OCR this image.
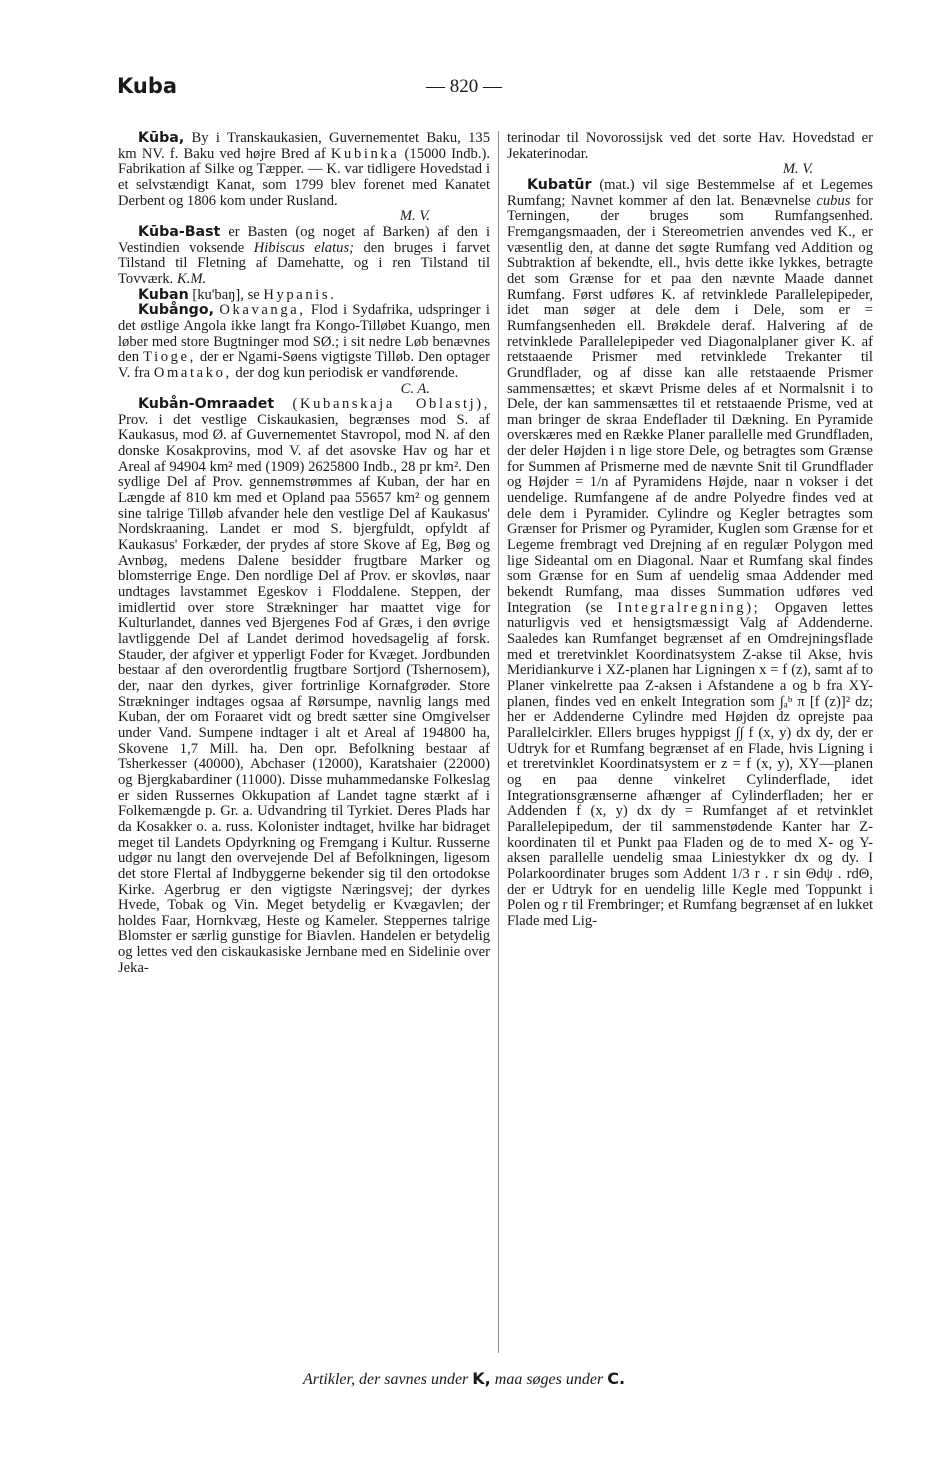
Kuba	— 820 —

Kūba, By i Transkaukasien, Guvernementet Baku, 135 km NV. f. Baku ved højre Bred af Kubinka (15000 Indb.). Fabrikation af Silke og Tæpper. — K. var tidligere Hovedstad i et selvstændigt Kanat, som 1799 blev forenet med Kanatet Derbent og 1806 kom under Rusland.
M. V.

Kūba-Bast er Basten (og noget af Barken) af den i Vestindien voksende Hibiscus elatus; den bruges i farvet Tilstand til Fletning af Damehatte, og i ren Tilstand til Tovværk. K.M.

Kuban [ku'baŋ], se Hypanis.

Kubångo, Okavanga, Flod i Sydafrika, udspringer i det østlige Angola ikke langt fra Kongo-Tilløbet Kuango, men løber med store Bugtninger mod SØ.; i sit nedre Løb benævnes den Tioge, der er Ngami-Søens vigtigste Tilløb. Den optager V. fra Omatako, der dog kun periodisk er vandførende.
C. A.

Kubån-Omraadet (Kubanskaja Oblastj), Prov. i det vestlige Ciskaukasien, begrænses mod S. af Kaukasus, mod Ø. af Guvernementet Stavropol, mod N. af den donske Kosakprovins, mod V. af det asovske Hav og har et Areal af 94904 km² med (1909) 2625800 Indb., 28 pr km². Den sydlige Del af Prov. gennemstrømmes af Kuban, der har en Længde af 810 km med et Opland paa 55657 km² og gennem sine talrige Tilløb afvander hele den vestlige Del af Kaukasus' Nordskraaning. Landet er mod S. bjergfuldt, opfyldt af Kaukasus' Forkæder, der prydes af store Skove af Eg, Bøg og Avnbøg, medens Dalene besidder frugtbare Marker og blomsterrige Enge. Den nordlige Del af Prov. er skovløs, naar undtages lavstammet Egeskov i Floddalene. Steppen, der imidlertid over store Strækninger har maattet vige for Kulturlandet, dannes ved Bjergenes Fod af Græs, i den øvrige lavtliggende Del af Landet derimod hovedsagelig af forsk. Stauder, der afgiver et ypperligt Foder for Kvæget. Jordbunden bestaar af den overordentlig frugtbare Sortjord (Tshernosem), der, naar den dyrkes, giver fortrinlige Kornafgrøder. Store Strækninger indtages ogsaa af Rørsumpe, navnlig langs med Kuban, der om Foraaret vidt og bredt sætter sine Omgivelser under Vand. Sumpene indtager i alt et Areal af 194800 ha, Skovene 1,7 Mill. ha. Den opr. Befolkning bestaar af Tsherkesser (40000), Abchaser (12000), Karatshaier (22000) og Bjergkabardiner (11000). Disse muhammedanske Folkeslag er siden Russernes Okkupation af Landet tagne stærkt af i Folkemængde p. Gr. a. Udvandring til Tyrkiet. Deres Plads har da Kosakker o. a. russ. Kolonister indtaget, hvilke har bidraget meget til Landets Opdyrkning og Fremgang i Kultur. Russerne udgør nu langt den overvejende Del af Befolkningen, ligesom det store Flertal af Indbyggerne bekender sig til den ortodokse Kirke. Agerbrug er den vigtigste Næringsvej; der dyrkes Hvede, Tobak og Vin. Meget betydelig er Kvægavlen; der holdes Faar, Hornkvæg, Heste og Kameler. Steppernes talrige Blomster er særlig gunstige for Biavlen. Handelen er betydelig og lettes ved den ciskaukasiske Jernbane med en Sidelinie over Jeka-

terinodar til Novorossijsk ved det sorte Hav. Hovedstad er Jekaterinodar.
M. V.

Kubatūr (mat.) vil sige Bestemmelse af et Legemes Rumfang; Navnet kommer af den lat. Benævnelse cubus for Terningen, der bruges som Rumfangsenhed. Fremgangsmaaden, der i Stereometrien anvendes ved K., er væsentlig den, at danne det søgte Rumfang ved Addition og Subtraktion af bekendte, ell., hvis dette ikke lykkes, betragte det som Grænse for et paa den nævnte Maade dannet Rumfang. Først udføres K. af retvinklede Parallelepipeder, idet man søger at dele dem i Dele, som er = Rumfangsenheden ell. Brøkdele deraf. Halvering af de retvinklede Parallelepipeder ved Diagonalplaner giver K. af retstaaende Prismer med retvinklede Trekanter til Grundflader, og af disse kan alle retstaaende Prismer sammensættes; et skævt Prisme deles af et Normalsnit i to Dele, der kan sammensættes til et retstaaende Prisme, ved at man bringer de skraa Endeflader til Dækning. En Pyramide overskæres med en Række Planer parallelle med Grundfladen, der deler Højden i n lige store Dele, og betragtes som Grænse for Summen af Prismerne med de nævnte Snit til Grundflader og Højder = 1/n af Pyramidens Højde, naar n vokser i det uendelige. Rumfangene af de andre Polyedre findes ved at dele dem i Pyramider. Cylindre og Kegler betragtes som Grænser for Prismer og Pyramider, Kuglen som Grænse for et Legeme frembragt ved Drejning af en regulær Polygon med lige Sideantal om en Diagonal. Naar et Rumfang skal findes som Grænse for en Sum af uendelig smaa Addender med bekendt Rumfang, maa disses Summation udføres ved Integration (se Integralregning); Opgaven lettes naturligvis ved et hensigtsmæssigt Valg af Addenderne. Saaledes kan Rumfanget begrænset af en Omdrejningsflade med et treretvinklet Koordinatsystem Z-akse til Akse, hvis Meridiankurve i XZ-planen har Ligningen x = f (z), samt af to Planer vinkelrette paa Z-aksen i Afstandene a og b fra XY-planen, findes ved en enkelt Integration som ∫ₐᵇ π [f (z)]² dz; her er Addenderne Cylindre med Højden dz oprejste paa Parallelcirkler. Ellers bruges hyppigst ∫∫ f (x, y) dx dy, der er Udtryk for et Rumfang begrænset af en Flade, hvis Ligning i et treretvinklet Koordinatsystem er z = f (x, y), XY—planen og en paa denne vinkelret Cylinderflade, idet Integrationsgrænserne afhænger af Cylinderfladen; her er Addenden f (x, y) dx dy = Rumfanget af et retvinklet Parallelepipedum, der til sammenstødende Kanter har Z-koordinaten til et Punkt paa Fladen og de to med X- og Y-aksen parallelle uendelig smaa Liniestykker dx og dy. I Polarkoordinater bruges som Addent 1/3 r . r sin Θdψ . rdΘ, der er Udtryk for en uendelig lille Kegle med Toppunkt i Polen og r til Frembringer; et Rumfang begrænset af en lukket Flade med Lig-

Artikler, der savnes under K, maa søges under C.
